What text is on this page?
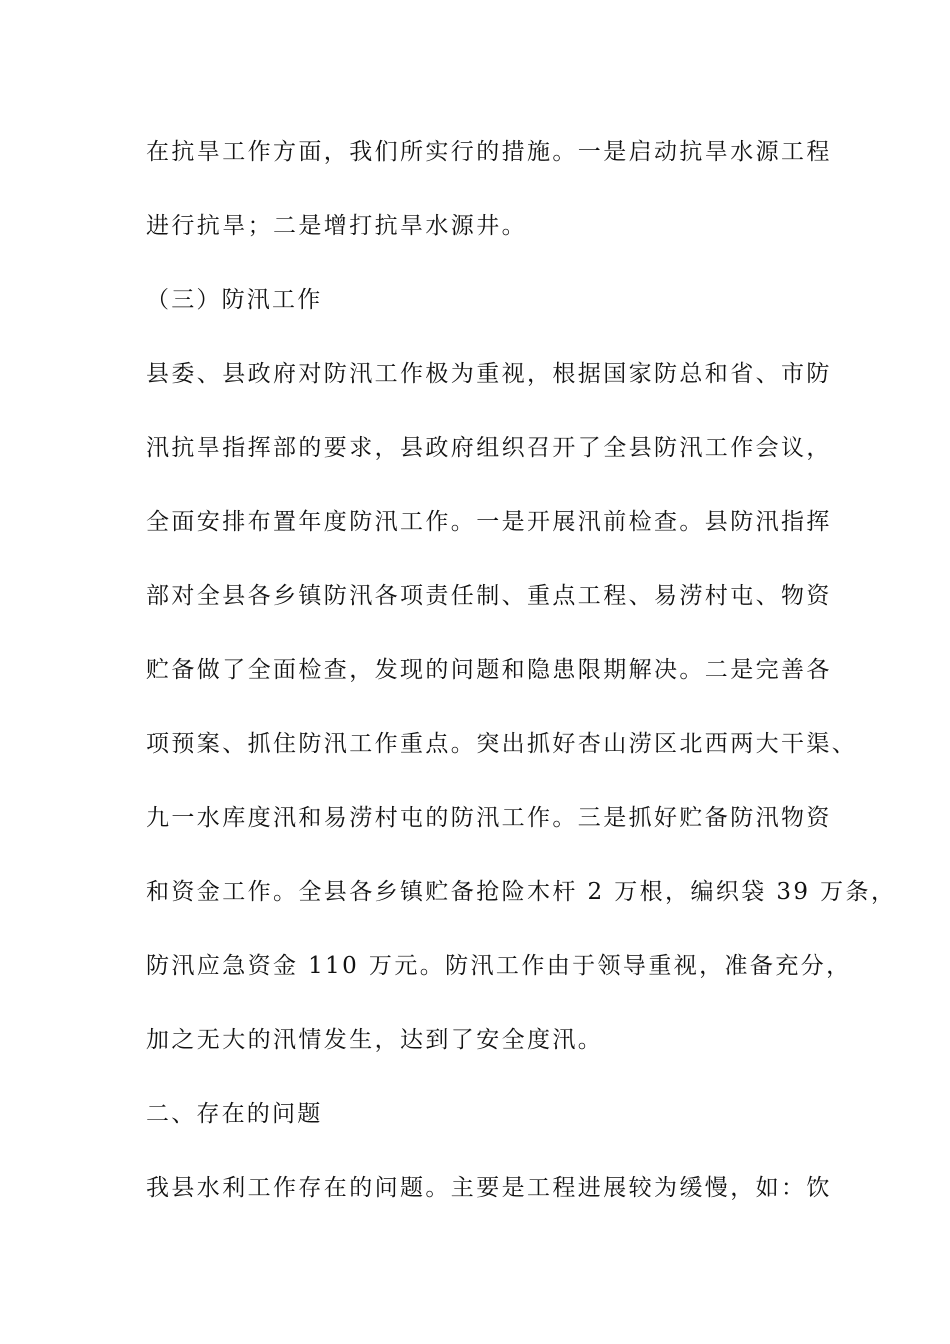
在抗旱工作方面，我们所实行的措施。一是启动抗旱水源工程
进行抗旱；二是增打抗旱水源井。
（三）防汛工作
县委、县政府对防汛工作极为重视，根据国家防总和省、市防
汛抗旱指挥部的要求，县政府组织召开了全县防汛工作会议，
全面安排布置年度防汛工作。一是开展汛前检查。县防汛指挥
部对全县各乡镇防汛各项责任制、重点工程、易涝村屯、物资
贮备做了全面检查，发现的问题和隐患限期解决。二是完善各
项预案、抓住防汛工作重点。突出抓好杏山涝区北西两大干渠、
九一水库度汛和易涝村屯的防汛工作。三是抓好贮备防汛物资
和资金工作。全县各乡镇贮备抢险木杆 2 万根，编织袋 39 万条，
防汛应急资金 110 万元。防汛工作由于领导重视，准备充分，
加之无大的汛情发生，达到了安全度汛。
二、存在的问题
我县水利工作存在的问题。主要是工程进展较为缓慢，如：饮
